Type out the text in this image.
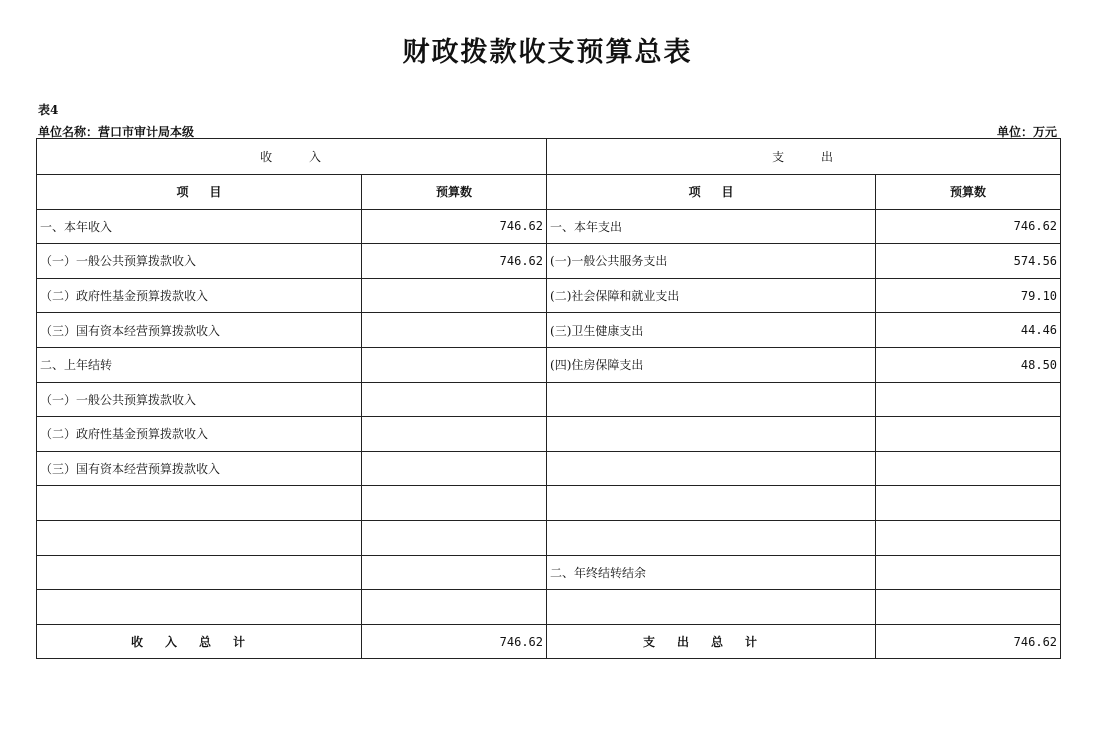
财政拨款收支预算总表
表4
单位名称：营口市审计局本级	单位：万元
收      入		支      出	
项     目	预算数	项     目	预算数
一、本年收入	746.62	一、本年支出	746.62
（一）一般公共预算拨款收入	746.62	(一)一般公共服务支出	574.56
（二）政府性基金预算拨款收入		(二)社会保障和就业支出	79.10
（三）国有资本经营预算拨款收入		(三)卫生健康支出	44.46
二、上年结转		(四)住房保障支出	48.50
（一）一般公共预算拨款收入			
（二）政府性基金预算拨款收入			
（三）国有资本经营预算拨款收入			

		二、年终结转结余	

收入总计	746.62	支出总计	746.62
